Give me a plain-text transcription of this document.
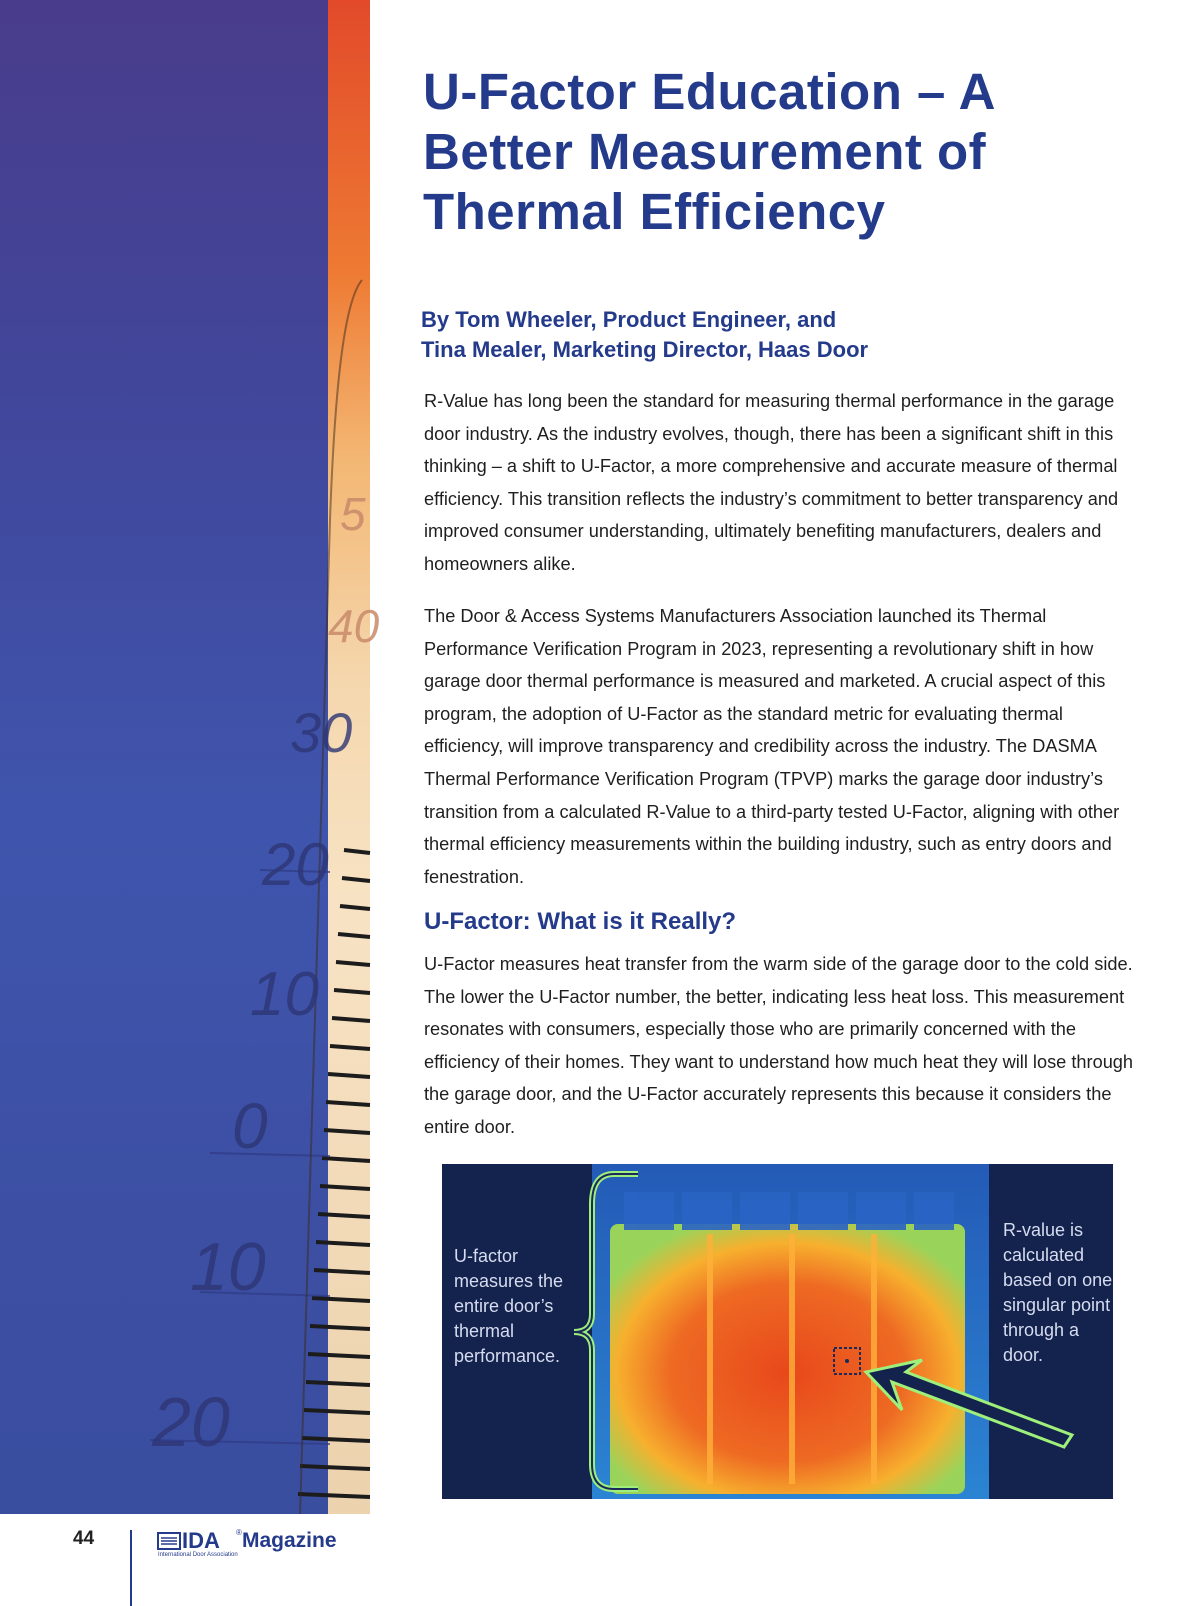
5
40
30
20
10
0
10
20
U-Factor Education – A Better Measurement of Thermal Efficiency
By Tom Wheeler, Product Engineer, and
Tina Mealer, Marketing Director, Haas Door

R-Value has long been the standard for measuring thermal performance in the garage door industry. As the industry evolves, though, there has been a significant shift in this thinking – a shift to U-Factor, a more comprehensive and accurate measure of thermal efficiency. This transition reflects the industry’s commitment to better transparency and improved consumer understanding, ultimately benefiting manufacturers, dealers and homeowners alike.

The Door & Access Systems Manufacturers Association launched its Thermal Performance Verification Program in 2023, representing a revolutionary shift in how garage door thermal performance is measured and marketed. A crucial aspect of this program, the adoption of U-Factor as the standard metric for evaluating thermal efficiency, will improve transparency and credibility across the industry. The DASMA Thermal Performance Verification Program (TPVP) marks the garage door industry’s transition from a calculated R-Value to a third-party tested U-Factor, aligning with other thermal efficiency measurements within the building industry, such as entry doors and fenestration.

U-Factor: What is it Really?

U-Factor measures heat transfer from the warm side of the garage door to the cold side. The lower the U-Factor number, the better, indicating less heat loss. This measurement resonates with consumers, especially those who are primarily concerned with the efficiency of their homes. They want to understand how much heat they will lose through the garage door, and the U-Factor accurately represents this because it considers the entire door.

U-factor measures the entire door’s thermal performance.

R-value is calculated based on one singular point through a door.

44	IDA ® Magazine
International Door Association
